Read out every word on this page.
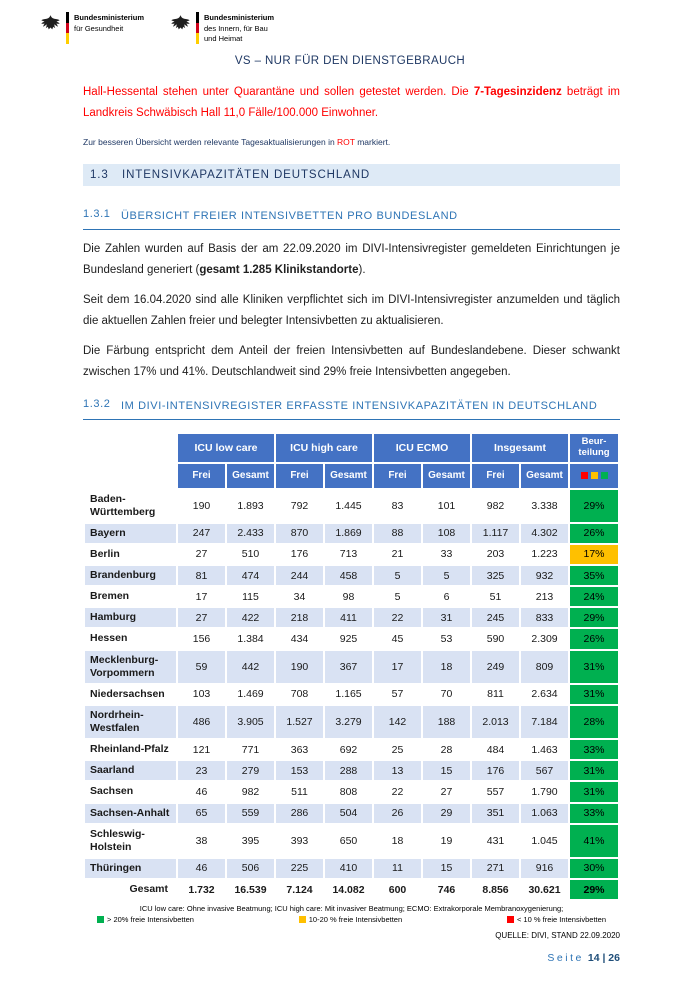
Bundesministerium
für Gesundheit
Bundesministerium
des Innern, für Bau
und Heimat
VS – NUR FÜR DEN DIENSTGEBRAUCH

Hall-Hessental stehen unter Quarantäne und sollen getestet werden. Die 7-Tagesinzidenz beträgt im Landkreis Schwäbisch Hall 11,0 Fälle/100.000 Einwohner.

Zur besseren Übersicht werden relevante Tagesaktualisierungen in ROT markiert.

1.3 INTENSIVKAPAZITÄTEN DEUTSCHLAND
1.3.1 ÜBERSICHT FREIER INTENSIVBETTEN PRO BUNDESLAND

Die Zahlen wurden auf Basis der am 22.09.2020 im DIVI-Intensivregister gemeldeten Einrichtungen je Bundesland generiert (gesamt 1.285 Klinikstandorte).

Seit dem 16.04.2020 sind alle Kliniken verpflichtet sich im DIVI-Intensivregister anzumelden und täglich die aktuellen Zahlen freier und belegter Intensivbetten zu aktualisieren.

Die Färbung entspricht dem Anteil der freien Intensivbetten auf Bundeslandebene. Dieser schwankt zwischen 17% und 41%. Deutschlandweit sind 29% freie Intensivbetten angegeben.

1.3.2 IM DIVI-INTENSIVREGISTER ERFASSTE INTENSIVKAPAZITÄTEN IN DEUTSCHLAND
	ICU low care		ICU high care		ICU ECMO		Insgesamt		Beur-teilung
	Frei	Gesamt	Frei	Gesamt	Frei	Gesamt	Frei	Gesamt	
Baden-Württemberg	190	1.893	792	1.445	83	101	982	3.338	29%
Bayern	247	2.433	870	1.869	88	108	1.117	4.302	26%
Berlin	27	510	176	713	21	33	203	1.223	17%
Brandenburg	81	474	244	458	5	5	325	932	35%
Bremen	17	115	34	98	5	6	51	213	24%
Hamburg	27	422	218	411	22	31	245	833	29%
Hessen	156	1.384	434	925	45	53	590	2.309	26%
Mecklenburg-Vorpommern	59	442	190	367	17	18	249	809	31%
Niedersachsen	103	1.469	708	1.165	57	70	811	2.634	31%
Nordrhein-Westfalen	486	3.905	1.527	3.279	142	188	2.013	7.184	28%
Rheinland-Pfalz	121	771	363	692	25	28	484	1.463	33%
Saarland	23	279	153	288	13	15	176	567	31%
Sachsen	46	982	511	808	22	27	557	1.790	31%
Sachsen-Anhalt	65	559	286	504	26	29	351	1.063	33%
Schleswig-Holstein	38	395	393	650	18	19	431	1.045	41%
Thüringen	46	506	225	410	11	15	271	916	30%
Gesamt	1.732	16.539	7.124	14.082	600	746	8.856	30.621	29%
ICU low care: Ohne invasive Beatmung; ICU high care: Mit invasiver Beatmung; ECMO: Extrakorporale Membranoxygenierung;
> 20% freie Intensivbetten	10-20 % freie Intensivbetten	< 10 % freie Intensivbetten
QUELLE: DIVI, STAND 22.09.2020
Seite 14 | 26
